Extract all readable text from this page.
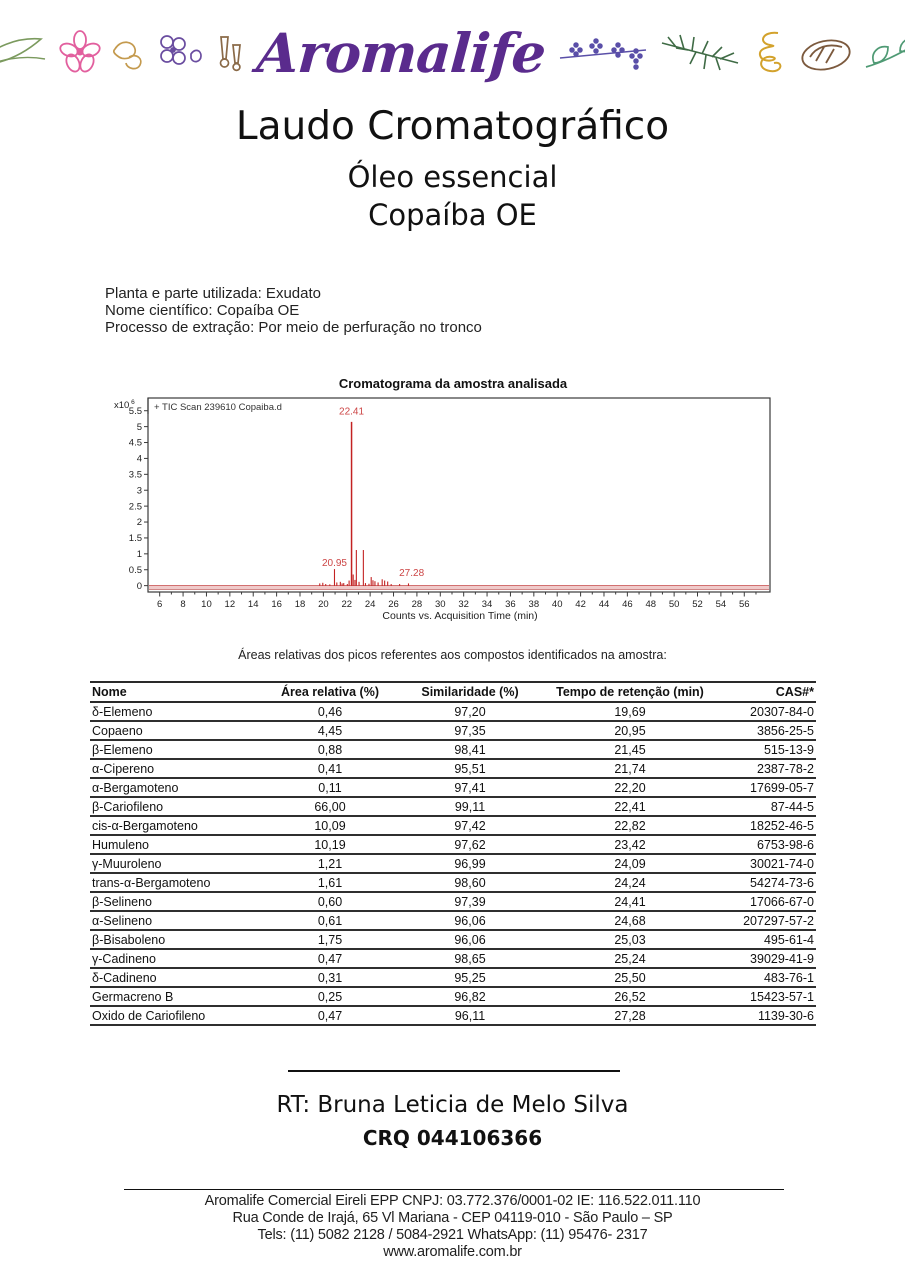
Aromalife
Laudo Cromatográfico
Óleo essencial
Copaíba OE
Planta e parte utilizada: Exudato
Nome científico: Copaíba OE
Processo de extração: Por meio de perfuração no tronco
Cromatograma da amostra analisada
0
0.5
1
1.5
2
2.5
3
3.5
4
4.5
5
5.5
6 8 10 12 14 16 18 20 22 24 26 28 30 32 34 36 38 40 42 44 46 48 50 52 54 56
20.95
22.41
27.28
+ TIC Scan 239610 Copaiba.d
x10 $^6$
Counts vs. Acquisition Time (min)
Áreas relativas dos picos referentes aos compostos identificados na amostra:
Nome	Área relativa (%)	Similaridade (%)	Tempo de retenção (min)	CAS#*
δ-Elemeno	0,46	97,20	19,69	20307-84-0
Copaeno	4,45	97,35	20,95	3856-25-5
β-Elemeno	0,88	98,41	21,45	515-13-9
α-Cipereno	0,41	95,51	21,74	2387-78-2
α-Bergamoteno	0,11	97,41	22,20	17699-05-7
β-Cariofileno	66,00	99,11	22,41	87-44-5
cis-α-Bergamoteno	10,09	97,42	22,82	18252-46-5
Humuleno	10,19	97,62	23,42	6753-98-6
γ-Muuroleno	1,21	96,99	24,09	30021-74-0
trans-α-Bergamoteno	1,61	98,60	24,24	54274-73-6
β-Selineno	0,60	97,39	24,41	17066-67-0
α-Selineno	0,61	96,06	24,68	207297-57-2
β-Bisaboleno	1,75	96,06	25,03	495-61-4
γ-Cadineno	0,47	98,65	25,24	39029-41-9
δ-Cadineno	0,31	95,25	25,50	483-76-1
Germacreno B	0,25	96,82	26,52	15423-57-1
Oxido de Cariofileno	0,47	96,11	27,28	1139-30-6
RT: Bruna Leticia de Melo Silva
CRQ 044106366
Aromalife Comercial Eireli EPP CNPJ: 03.772.376/0001-02 IE: 116.522.011.110
Rua Conde de Irajá, 65 Vl Mariana - CEP 04119-010 - São Paulo – SP
Tels: (11) 5082 2128 / 5084-2921 WhatsApp: (11) 95476- 2317
www.aromalife.com.br
